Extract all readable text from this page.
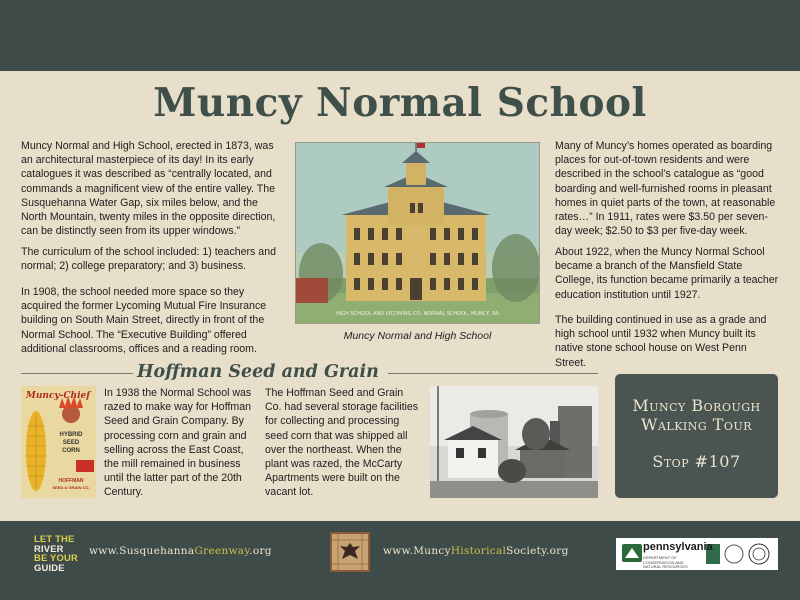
Muncy Normal School

Muncy Normal and High School, erected in 1873, was an architectural masterpiece of its day! In its early catalogues it was described as “centrally located, and commands a magnificent view of the entire valley. The Susquehanna Water Gap, six miles below, and the North Mountain, twenty miles in the opposite direction, can be distinctly seen from its upper windows.”

The curriculum of the school included: 1) teachers and normal; 2) college preparatory; and 3) business.

In 1908, the school needed more space so they acquired the former Lycoming Mutual Fire Insurance building on South Main Street, directly in front of the Normal School. The “Executive Building” offered additional classrooms, offices and a reading room.

HIGH SCHOOL AND LYCOMING CO. NORMAL SCHOOL, MUNCY, PA.

Muncy Normal and High School

Many of Muncy’s homes operated as boarding places for out-of-town residents and were described in the school’s catalogue as “good boarding and well-furnished rooms in pleasant homes in quiet parts of the town, at reasonable rates…” In 1911, rates were $3.50 per seven-day week; $2.50 to $3 per five-day week.

About 1922, when the Muncy Normal School became a branch of the Mansfield State College, its function became primarily a teacher education institution until 1927.

The building continued in use as a grade and high school until 1932 when Muncy built its native stone school house on West Penn Street.

Hoffman Seed and Grain
Muncy-Chief
HYBRID
SEED
CORN
HOFFMAN
SEED & GRAIN CO.

In 1938 the Normal School was razed to make way for Hoffman Seed and Grain Company. By processing corn and grain and selling across the East Coast, the mill remained in business until the latter part of the 20th Century.

The Hoffman Seed and Grain Co. had several storage facilities for collecting and processing seed corn that was shipped all over the northeast. When the plant was razed, the McCarty Apartments were built on the vacant lot.

Muncy Borough
Walking Tour
Stop #107
LET THE
RIVER
BE YOUR
GUIDE
www.SusquehannaGreenway.org	www.MuncyHistoricalSociety.org	pennsylvania
DEPARTMENT OF CONSERVATION AND NATURAL RESOURCES
